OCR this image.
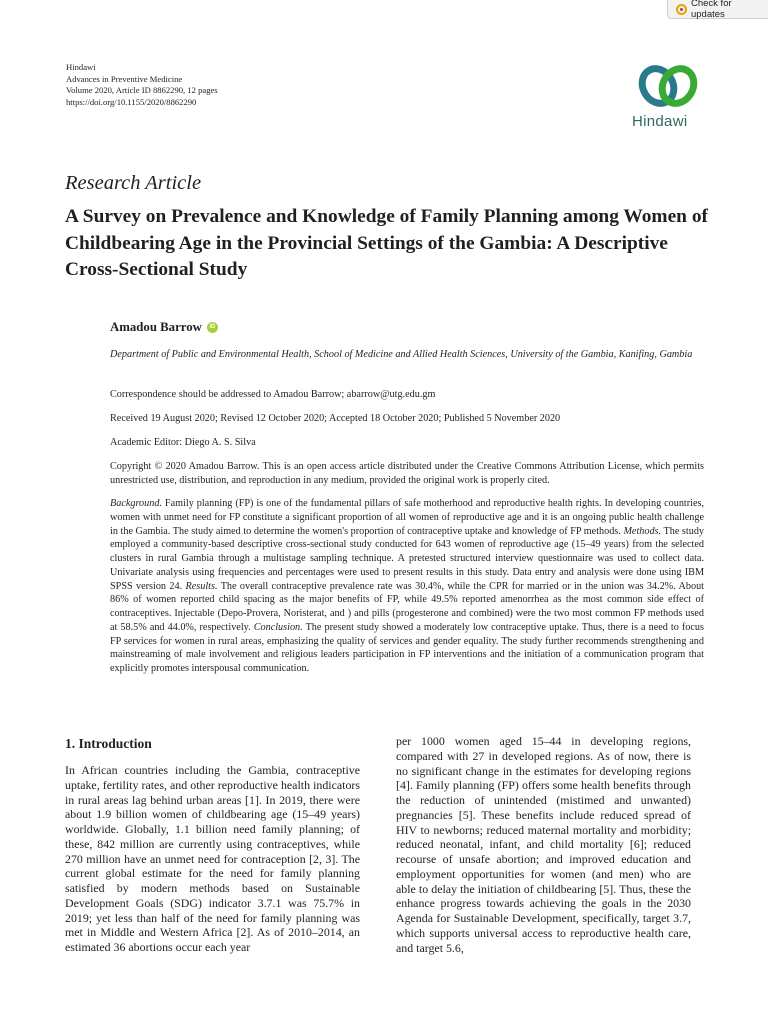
Check for updates
Hindawi
Advances in Preventive Medicine
Volume 2020, Article ID 8862290, 12 pages
https://doi.org/10.1155/2020/8862290
Hindawi
Research Article
A Survey on Prevalence and Knowledge of Family Planning among Women of Childbearing Age in the Provincial Settings of the Gambia: A Descriptive Cross-Sectional Study
Amadou Barrow	iD
Department of Public and Environmental Health, School of Medicine and Allied Health Sciences, University of the Gambia, Kanifing, Gambia
Correspondence should be addressed to Amadou Barrow; abarrow@utg.edu.gm
Received 19 August 2020; Revised 12 October 2020; Accepted 18 October 2020; Published 5 November 2020
Academic Editor: Diego A. S. Silva
Copyright © 2020 Amadou Barrow. This is an open access article distributed under the Creative Commons Attribution License, which permits unrestricted use, distribution, and reproduction in any medium, provided the original work is properly cited.
Background. Family planning (FP) is one of the fundamental pillars of safe motherhood and reproductive health rights. In developing countries, women with unmet need for FP constitute a significant proportion of all women of reproductive age and it is an ongoing public health challenge in the Gambia. The study aimed to determine the women's proportion of contraceptive uptake and knowledge of FP methods. Methods. The study employed a community-based descriptive cross-sectional study conducted for 643 women of reproductive age (15–49 years) from the selected clusters in rural Gambia through a multistage sampling technique. A pretested structured interview questionnaire was used to collect data. Univariate analysis using frequencies and percentages were used to present results in this study. Data entry and analysis were done using IBM SPSS version 24. Results. The overall contraceptive prevalence rate was 30.4%, while the CPR for married or in the union was 34.2%. About 86% of women reported child spacing as the major benefits of FP, while 49.5% reported amenorrhea as the most common side effect of contraceptives. Injectable (Depo-Provera, Noristerat, and ) and pills (progesterone and combined) were the two most common FP methods used at 58.5% and 44.0%, respectively. Conclusion. The present study showed a moderately low contraceptive uptake. Thus, there is a need to focus FP services for women in rural areas, emphasizing the quality of services and gender equality. The study further recommends strengthening and mainstreaming of male involvement and religious leaders participation in FP interventions and the initiation of a communication program that explicitly promotes interspousal communication.
1. Introduction
In African countries including the Gambia, contraceptive uptake, fertility rates, and other reproductive health indicators in rural areas lag behind urban areas [1]. In 2019, there were about 1.9 billion women of childbearing age (15–49 years) worldwide. Globally, 1.1 billion need family planning; of these, 842 million are currently using contraceptives, while 270 million have an unmet need for contraception [2, 3]. The current global estimate for the need for family planning satisfied by modern methods based on Sustainable Development Goals (SDG) indicator 3.7.1 was 75.7% in 2019; yet less than half of the need for family planning was met in Middle and Western Africa [2]. As of 2010–2014, an estimated 36 abortions occur each year
per 1000 women aged 15–44 in developing regions, compared with 27 in developed regions. As of now, there is no significant change in the estimates for developing regions [4]. Family planning (FP) offers some health benefits through the reduction of unintended (mistimed and unwanted) pregnancies [5]. These benefits include reduced spread of HIV to newborns; reduced maternal mortality and morbidity; reduced neonatal, infant, and child mortality [6]; reduced recourse of unsafe abortion; and improved education and employment opportunities for women (and men) who are able to delay the initiation of childbearing [5]. Thus, these the enhance progress towards achieving the goals in the 2030 Agenda for Sustainable Development, specifically, target 3.7, which supports universal access to reproductive health care, and target 5.6,
